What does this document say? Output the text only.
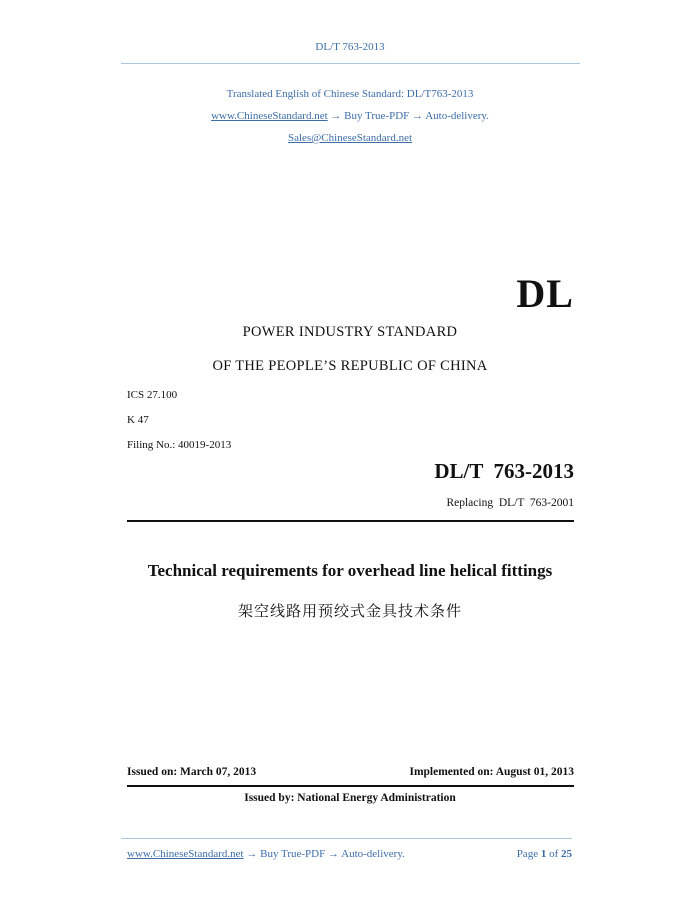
DL/T 763-2013
Translated English of Chinese Standard: DL/T763-2013
www.ChineseStandard.net → Buy True-PDF → Auto-delivery.
Sales@ChineseStandard.net
DL
POWER INDUSTRY STANDARD
OF THE PEOPLE’S REPUBLIC OF CHINA
ICS 27.100
K 47
Filing No.: 40019-2013
DL/T  763-2013
Replacing  DL/T  763-2001
Technical requirements for overhead line helical fittings
架空线路用预绞式金具技术条件
Issued on: March 07, 2013	Implemented on: August 01, 2013
Issued by: National Energy Administration
www.ChineseStandard.net → Buy True-PDF → Auto-delivery.	Page 1 of 25
